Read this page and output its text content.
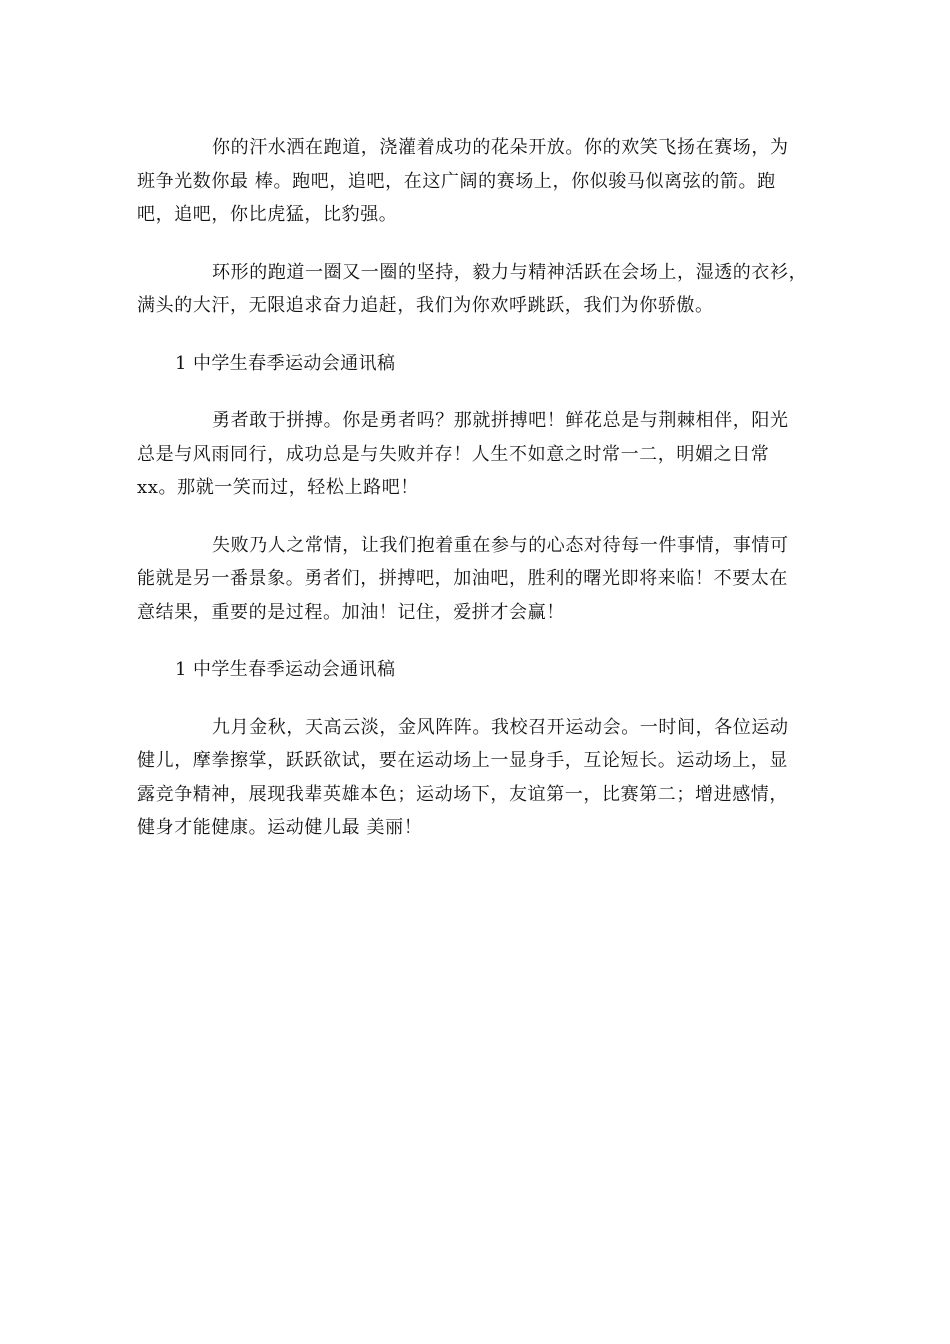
你的汗水洒在跑道，浇灌着成功的花朵开放。你的欢笑飞扬在赛场，为
班争光数你最 棒。跑吧，追吧，在这广阔的赛场上，你似骏马似离弦的箭。跑
吧，追吧，你比虎猛，比豹强。

环形的跑道一圈又一圈的坚持，毅力与精神活跃在会场上，湿透的衣衫，
满头的大汗，无限追求奋力追赶，我们为你欢呼跳跃，我们为你骄傲。

1 中学生春季运动会通讯稿

勇者敢于拼搏。你是勇者吗？那就拼搏吧！鲜花总是与荆棘相伴，阳光
总是与风雨同行，成功总是与失败并存！人生不如意之时常一二，明媚之日常
xx。那就一笑而过，轻松上路吧！

失败乃人之常情，让我们抱着重在参与的心态对待每一件事情，事情可
能就是另一番景象。勇者们，拼搏吧，加油吧，胜利的曙光即将来临！不要太在
意结果，重要的是过程。加油！记住，爱拼才会赢！

1 中学生春季运动会通讯稿

九月金秋，天高云淡，金风阵阵。我校召开运动会。一时间，各位运动
健儿，摩拳擦掌，跃跃欲试，要在运动场上一显身手，互论短长。运动场上，显
露竞争精神，展现我辈英雄本色；运动场下，友谊第一，比赛第二；增进感情，
健身才能健康。运动健儿最 美丽！
